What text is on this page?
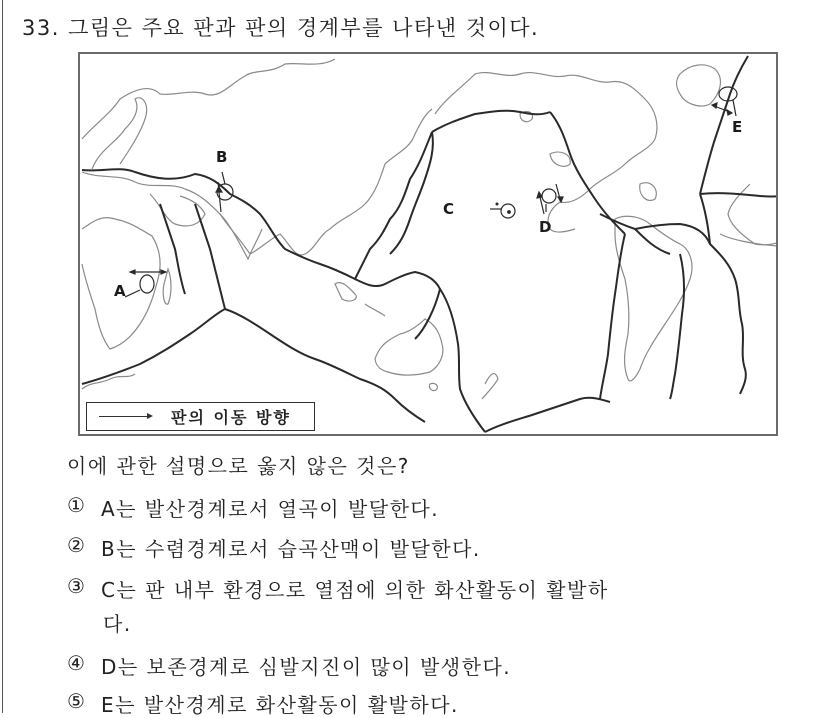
33. 그림은 주요 판과 판의 경계부를 나타낸 것이다.
A
B
C
D
E
판의 이동 방향
이에 관한 설명으로 옳지 않은 것은?
① A는 발산경계로서 열곡이 발달한다.
② B는 수렴경계로서 습곡산맥이 발달한다.
③ C는 판 내부 환경으로 열점에 의한 화산활동이 활발하
다.
④ D는 보존경계로 심발지진이 많이 발생한다.
⑤ E는 발산경계로 화산활동이 활발하다.
